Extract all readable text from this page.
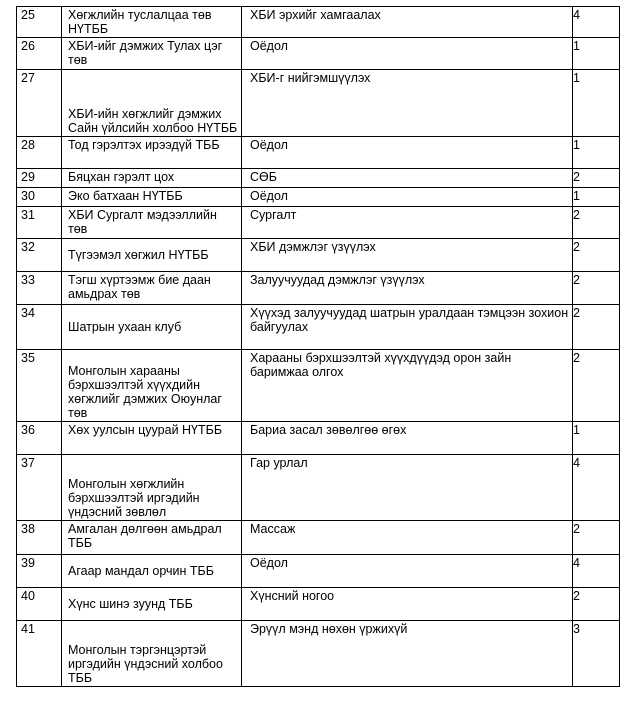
25	Хөгжлийн туслалцаа төв НҮТББ	ХБИ эрхийг хамгаалах	4
26	ХБИ-ийг дэмжих Тулах цэг төв	Оёдол	1
27	ХБИ-ийн хөгжлийг дэмжих Сайн үйлсийн холбоо НҮТББ	ХБИ-г нийгэмшүүлэх	1
28	Тод гэрэлтэх ирээдүй ТББ	Оёдол	1
29	Бяцхан гэрэлт цох	СӨБ	2
30	Эко батхаан НҮТББ	Оёдол	1
31	ХБИ Сургалт мэдээллийн төв	Сургалт	2
32	Түгээмэл хөгжил НҮТББ	ХБИ дэмжлэг үзүүлэх	2
33	Тэгш хүртээмж бие даан амьдрах төв	Залуучуудад дэмжлэг үзүүлэх	2
34	Шатрын ухаан клуб	Хүүхэд залуучуудад шатрын уралдаан тэмцээн зохион байгуулах	2
35	Монголын харааны бэрхшээлтэй хүүхдийн хөгжлийг дэмжих Оюунлаг төв	Харааны бэрхшээлтэй хүүхдүүдэд орон зайн баримжаа олгох	2
36	Хөх уулсын цуурай НҮТББ	Бариа засал зөвөлгөө өгөх	1
37	Монголын хөгжлийн бэрхшээлтэй иргэдийн үндэсний зөвлөл	Гар урлал	4
38	Амгалан дөлгөөн амьдрал ТББ	Массаж	2
39	Агаар мандал орчин ТББ	Оёдол	4
40	Хүнс шинэ зуунд ТББ	Хүнсний ногоо	2
41	Монголын тэргэнцэртэй иргэдийн үндэсний холбоо ТББ	Эрүүл мэнд нөхөн үржихүй	3
